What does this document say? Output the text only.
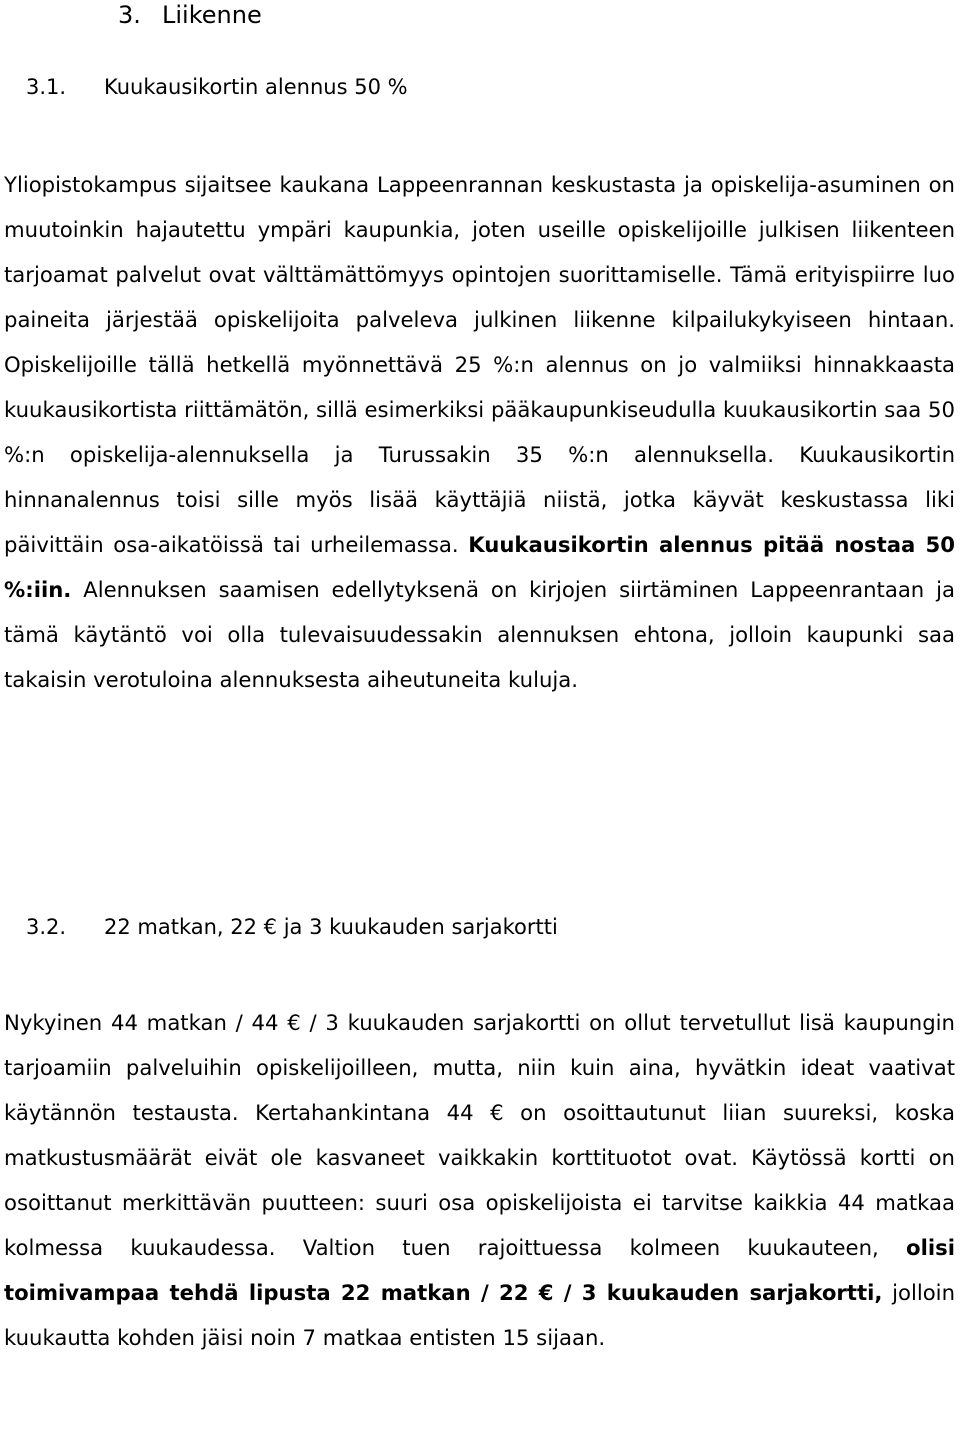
3. Liikenne
3.1. Kuukausikortin alennus 50 %

Yliopistokampus sijaitsee kaukana Lappeenrannan keskustasta ja opiskelija-asuminen on muutoinkin hajautettu ympäri kaupunkia, joten useille opiskelijoille julkisen liikenteen tarjoamat palvelut ovat välttämättömyys opintojen suorittamiselle. Tämä erityispiirre luo paineita järjestää opiskelijoita palveleva julkinen liikenne kilpailukykyiseen hintaan. Opiskelijoille tällä hetkellä myönnettävä 25 %:n alennus on jo valmiiksi hinnakkaasta kuukausikortista riittämätön, sillä esimerkiksi pääkaupunkiseudulla kuukausikortin saa 50 %:n opiskelija-alennuksella ja Turussakin 35 %:n alennuksella. Kuukausikortin hinnanalennus toisi sille myös lisää käyttäjiä niistä, jotka käyvät keskustassa liki päivittäin osa-aikatöissä tai urheilemassa. Kuukausikortin alennus pitää nostaa 50 %:iin. Alennuksen saamisen edellytyksenä on kirjojen siirtäminen Lappeenrantaan ja tämä käytäntö voi olla tulevaisuudessakin alennuksen ehtona, jolloin kaupunki saa takaisin verotuloina alennuksesta aiheutuneita kuluja.

3.2. 22 matkan, 22 € ja 3 kuukauden sarjakortti

Nykyinen 44 matkan / 44 € / 3 kuukauden sarjakortti on ollut tervetullut lisä kaupungin tarjoamiin palveluihin opiskelijoilleen, mutta, niin kuin aina, hyvätkin ideat vaativat käytännön testausta. Kertahankintana 44 € on osoittautunut liian suureksi, koska matkustusmäärät eivät ole kasvaneet vaikkakin korttituotot ovat. Käytössä kortti on osoittanut merkittävän puutteen: suuri osa opiskelijoista ei tarvitse kaikkia 44 matkaa kolmessa kuukaudessa. Valtion tuen rajoittuessa kolmeen kuukauteen, olisi toimivampaa tehdä lipusta 22 matkan / 22 € / 3 kuukauden sarjakortti, jolloin kuukautta kohden jäisi noin 7 matkaa entisten 15 sijaan.
